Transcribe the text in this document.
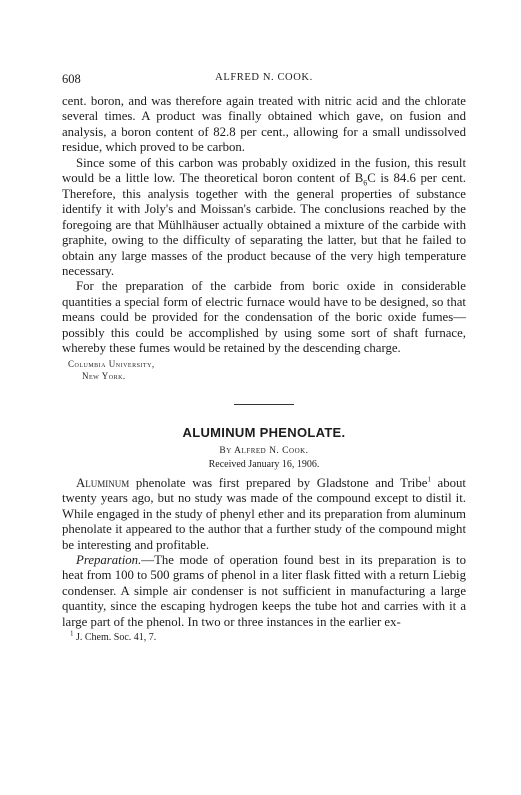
608	ALFRED N. COOK.

cent. boron, and was therefore again treated with nitric acid and the chlorate several times. A product was finally obtained which gave, on fusion and analysis, a boron content of 82.8 per cent., allowing for a small undissolved residue, which proved to be carbon.

Since some of this carbon was probably oxidized in the fusion, this result would be a little low. The theoretical boron content of $B_6C$ is 84.6 per cent. Therefore, this analysis together with the general properties of substance identify it with Joly's and Moissan's carbide. The conclusions reached by the foregoing are that Mühlhäuser actually obtained a mixture of the carbide with graphite, owing to the difficulty of separating the latter, but that he failed to obtain any large masses of the product because of the very high temperature necessary.

For the preparation of the carbide from boric oxide in considerable quantities a special form of electric furnace would have to be designed, so that means could be provided for the condensation of the boric oxide fumes—possibly this could be accomplished by using some sort of shaft furnace, whereby these fumes would be retained by the descending charge.

Columbia University,
New York.
ALUMINUM PHENOLATE.
By Alfred N. Cook.
Received January 16, 1906.

Aluminum phenolate was first prepared by Gladstone and Tribe$^1$ about twenty years ago, but no study was made of the compound except to distil it. While engaged in the study of phenyl ether and its preparation from aluminum phenolate it appeared to the author that a further study of the compound might be interesting and profitable.

Preparation.—The mode of operation found best in its preparation is to heat from 100 to 500 grams of phenol in a liter flask fitted with a return Liebig condenser. A simple air condenser is not sufficient in manufacturing a large quantity, since the escaping hydrogen keeps the tube hot and carries with it a large part of the phenol. In two or three instances in the earlier ex-

$^1$ J. Chem. Soc. 41, 7.
